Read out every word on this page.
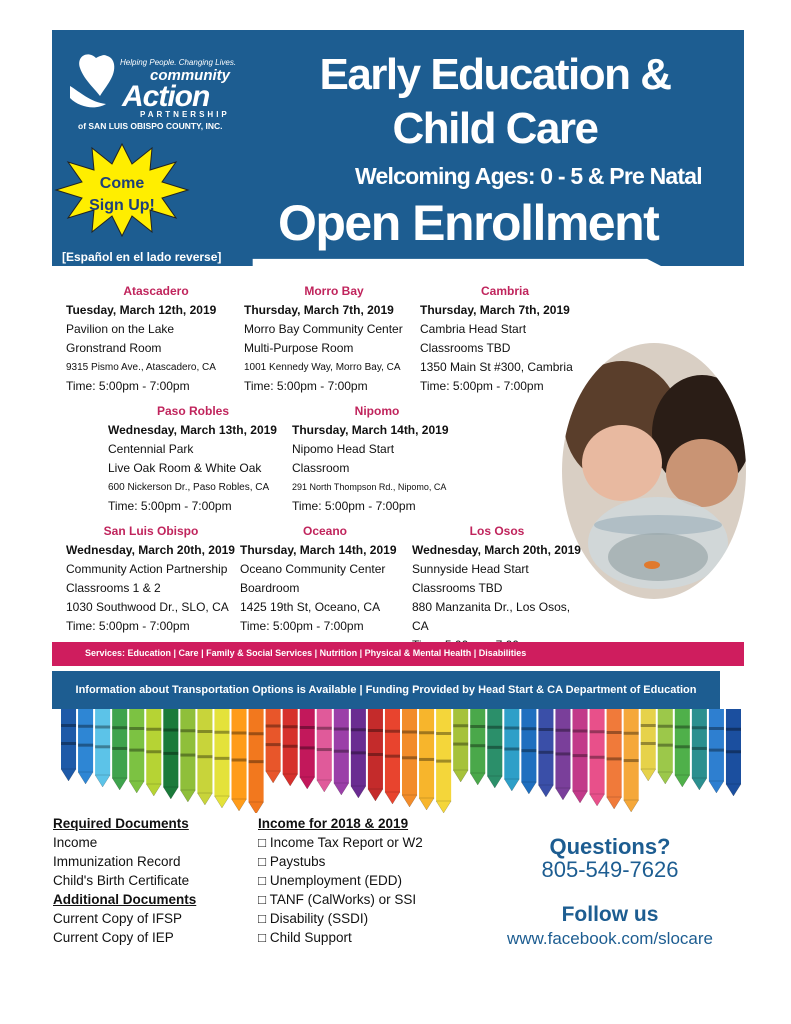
Helping People. Changing Lives.
community
Action
PARTNERSHIP
of SAN LUIS OBISPO COUNTY, INC.
Early Education &
Child Care
Welcoming Ages: 0 - 5 & Pre Natal
Open Enrollment
Come
Sign Up!
[Español en el lado reverse]
Atascadero
Tuesday, March 12th, 2019
Pavilion on the Lake
Gronstrand Room
9315 Pismo Ave., Atascadero, CA
Time: 5:00pm - 7:00pm
Morro Bay
Thursday, March 7th, 2019
Morro Bay Community Center
Multi-Purpose Room
1001 Kennedy Way, Morro Bay, CA
Time: 5:00pm - 7:00pm
Cambria
Thursday, March 7th, 2019
Cambria Head Start
Classrooms TBD
1350 Main St #300, Cambria
Time: 5:00pm - 7:00pm
Paso Robles
Wednesday, March 13th, 2019
Centennial Park
Live Oak Room & White Oak
600 Nickerson Dr., Paso Robles, CA
Time: 5:00pm - 7:00pm
Nipomo
Thursday, March 14th, 2019
Nipomo Head Start
Classroom
291 North Thompson Rd., Nipomo, CA
Time: 5:00pm - 7:00pm
San Luis Obispo
Wednesday, March 20th, 2019
Community Action Partnership
Classrooms 1 & 2
1030 Southwood Dr., SLO, CA
Time: 5:00pm - 7:00pm
Oceano
Thursday, March 14th, 2019
Oceano Community Center
Boardroom
1425 19th St, Oceano, CA
Time: 5:00pm - 7:00pm
Los Osos
Wednesday, March 20th, 2019
Sunnyside Head Start
Classrooms TBD
880 Manzanita Dr., Los Osos, CA
Services: Education | Care | Family & Social Services | Nutrition | Physical & Mental Health | Disabilities
Information about Transportation Options is Available | Funding Provided by Head Start & CA Department of Education
Required Documents
Income
Immunization Record
Child's Birth Certificate
Additional Documents
Current Copy of IFSP
Current Copy of IEP
Income for 2018 & 2019
□ Income Tax Report or W2
□ Paystubs
□ Unemployment (EDD)
□ TANF (CalWorks) or SSI
□ Disability (SSDI)
□ Child Support
Questions?
805-549-7626
Follow us
www.facebook.com/slocare
